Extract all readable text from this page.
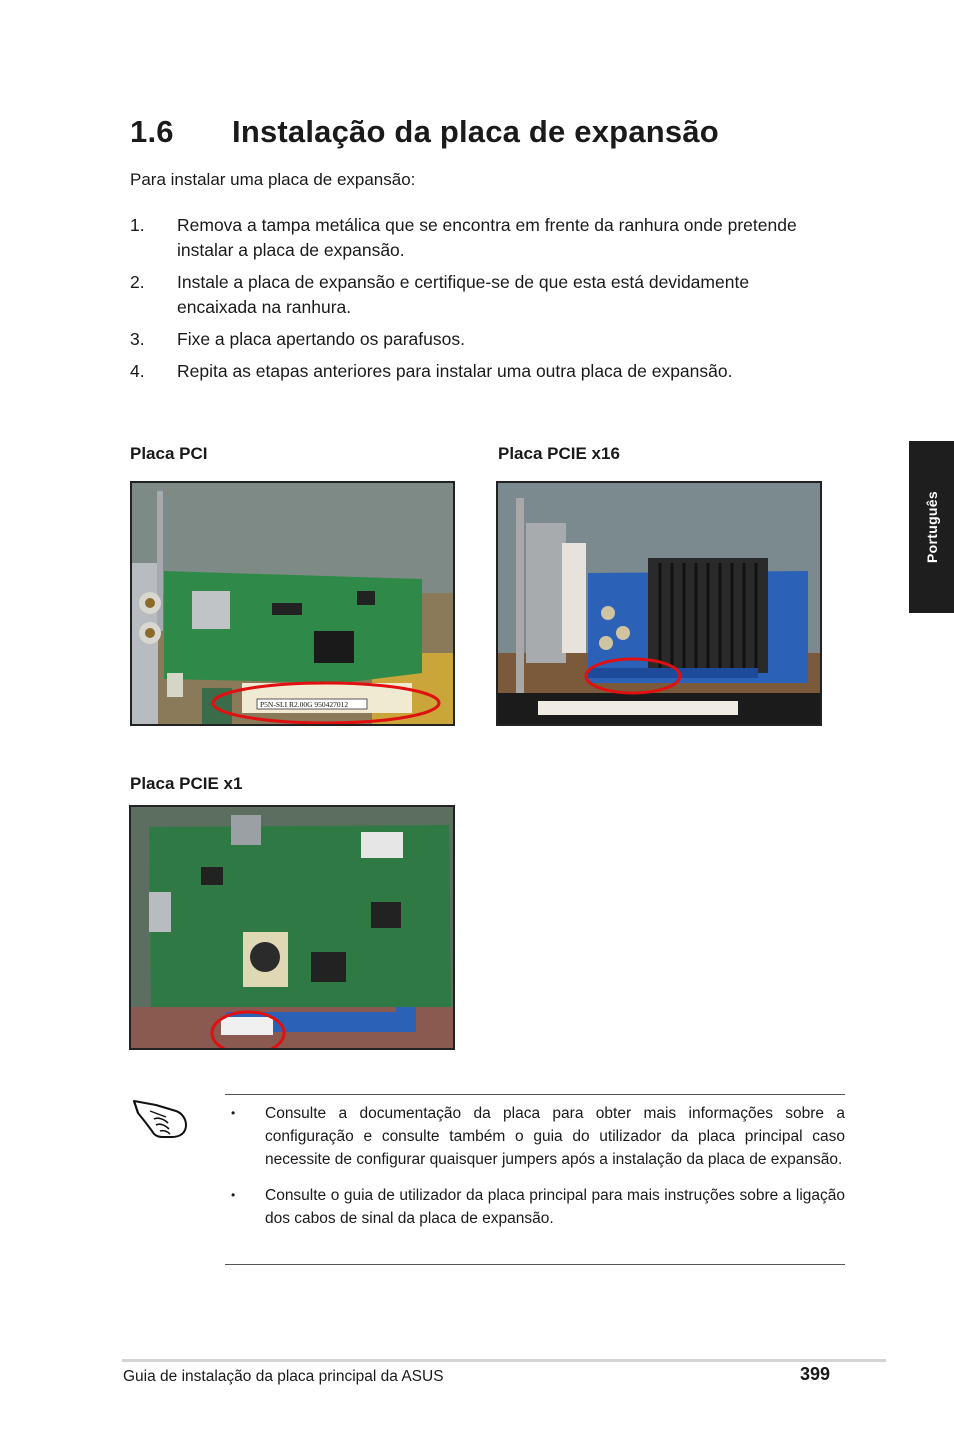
1.6 Instalação da placa de expansão
Para instalar uma placa de expansão:
1.	Remova a tampa metálica que se encontra em frente da ranhura onde pretende instalar a placa de expansão.
2.	Instale a placa de expansão e certifique-se de que esta está devidamente encaixada na ranhura.
3.	Fixe a placa apertando os parafusos.
4.	Repita as etapas anteriores para instalar uma outra placa de expansão.
Placa PCI
P5N-SLI R2.00G 950427012
Placa PCIE x16
Placa PCIE x1
Português
•	Consulte a documentação da placa para obter mais informações sobre a configuração e consulte também o guia do utilizador da placa principal caso necessite de configurar quaisquer jumpers após a instalação da placa de expansão.
•	Consulte o guia de utilizador da placa principal para mais instruções sobre a ligação dos cabos de sinal da placa de expansão.
Guia de instalação da placa principal da ASUS	399
